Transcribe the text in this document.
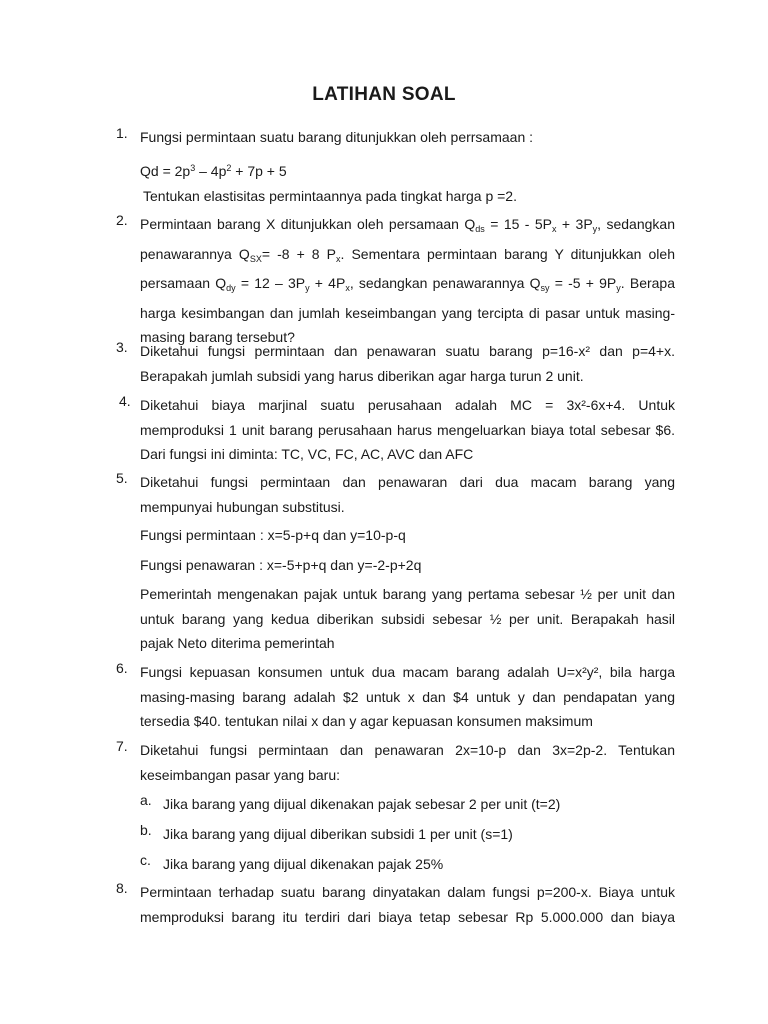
LATIHAN SOAL
1. Fungsi permintaan suatu barang ditunjukkan oleh perrsamaan :
$Qd = 2p^3 - 4p^2 + 7p + 5$
Tentukan elastisitas permintaannya pada tingkat harga p =2.
2. Permintaan barang X ditunjukkan oleh persamaan $Q_{ds} = 15 - 5P_x + 3P_y$, sedangkan
penawarannya $Q_{SX}= -8 + 8$ $P_x$. Sementara permintaan barang Y ditunjukkan oleh
persamaan $Q_{dy} = 12 - 3P_y + 4P_x$, sedangkan penawarannya $Q_{sy} = -5 + 9P_y$. Berapa
harga kesimbangan dan jumlah keseimbangan yang tercipta di pasar untuk masing-
masing barang tersebut?
3. Diketahui fungsi permintaan dan penawaran suatu barang p=16-x² dan p=4+x.
Berapakah jumlah subsidi yang harus diberikan agar harga turun 2 unit.
4. Diketahui biaya marjinal suatu perusahaan adalah MC = 3x²-6x+4. Untuk
memproduksi 1 unit barang perusahaan harus mengeluarkan biaya total sebesar $6.
Dari fungsi ini diminta: TC, VC, FC, AC, AVC dan AFC
5. Diketahui fungsi permintaan dan penawaran dari dua macam barang yang
mempunyai hubungan substitusi.
Fungsi permintaan : x=5-p+q dan y=10-p-q
Fungsi penawaran : x=-5+p+q dan y=-2-p+2q
Pemerintah mengenakan pajak untuk barang yang pertama sebesar ½ per unit dan
untuk barang yang kedua diberikan subsidi sebesar ½ per unit. Berapakah hasil
pajak Neto diterima pemerintah
6. Fungsi kepuasan konsumen untuk dua macam barang adalah U=x²y², bila harga
masing-masing barang adalah $2 untuk x dan $4 untuk y dan pendapatan yang
tersedia $40. tentukan nilai x dan y agar kepuasan konsumen maksimum
7. Diketahui fungsi permintaan dan penawaran 2x=10-p dan 3x=2p-2. Tentukan
keseimbangan pasar yang baru:
a. Jika barang yang dijual dikenakan pajak sebesar 2 per unit (t=2)
b. Jika barang yang dijual diberikan subsidi 1 per unit (s=1)
c. Jika barang yang dijual dikenakan pajak 25%
8. Permintaan terhadap suatu barang dinyatakan dalam fungsi p=200-x. Biaya untuk
memproduksi barang itu terdiri dari biaya tetap sebesar Rp 5.000.000 dan biaya
